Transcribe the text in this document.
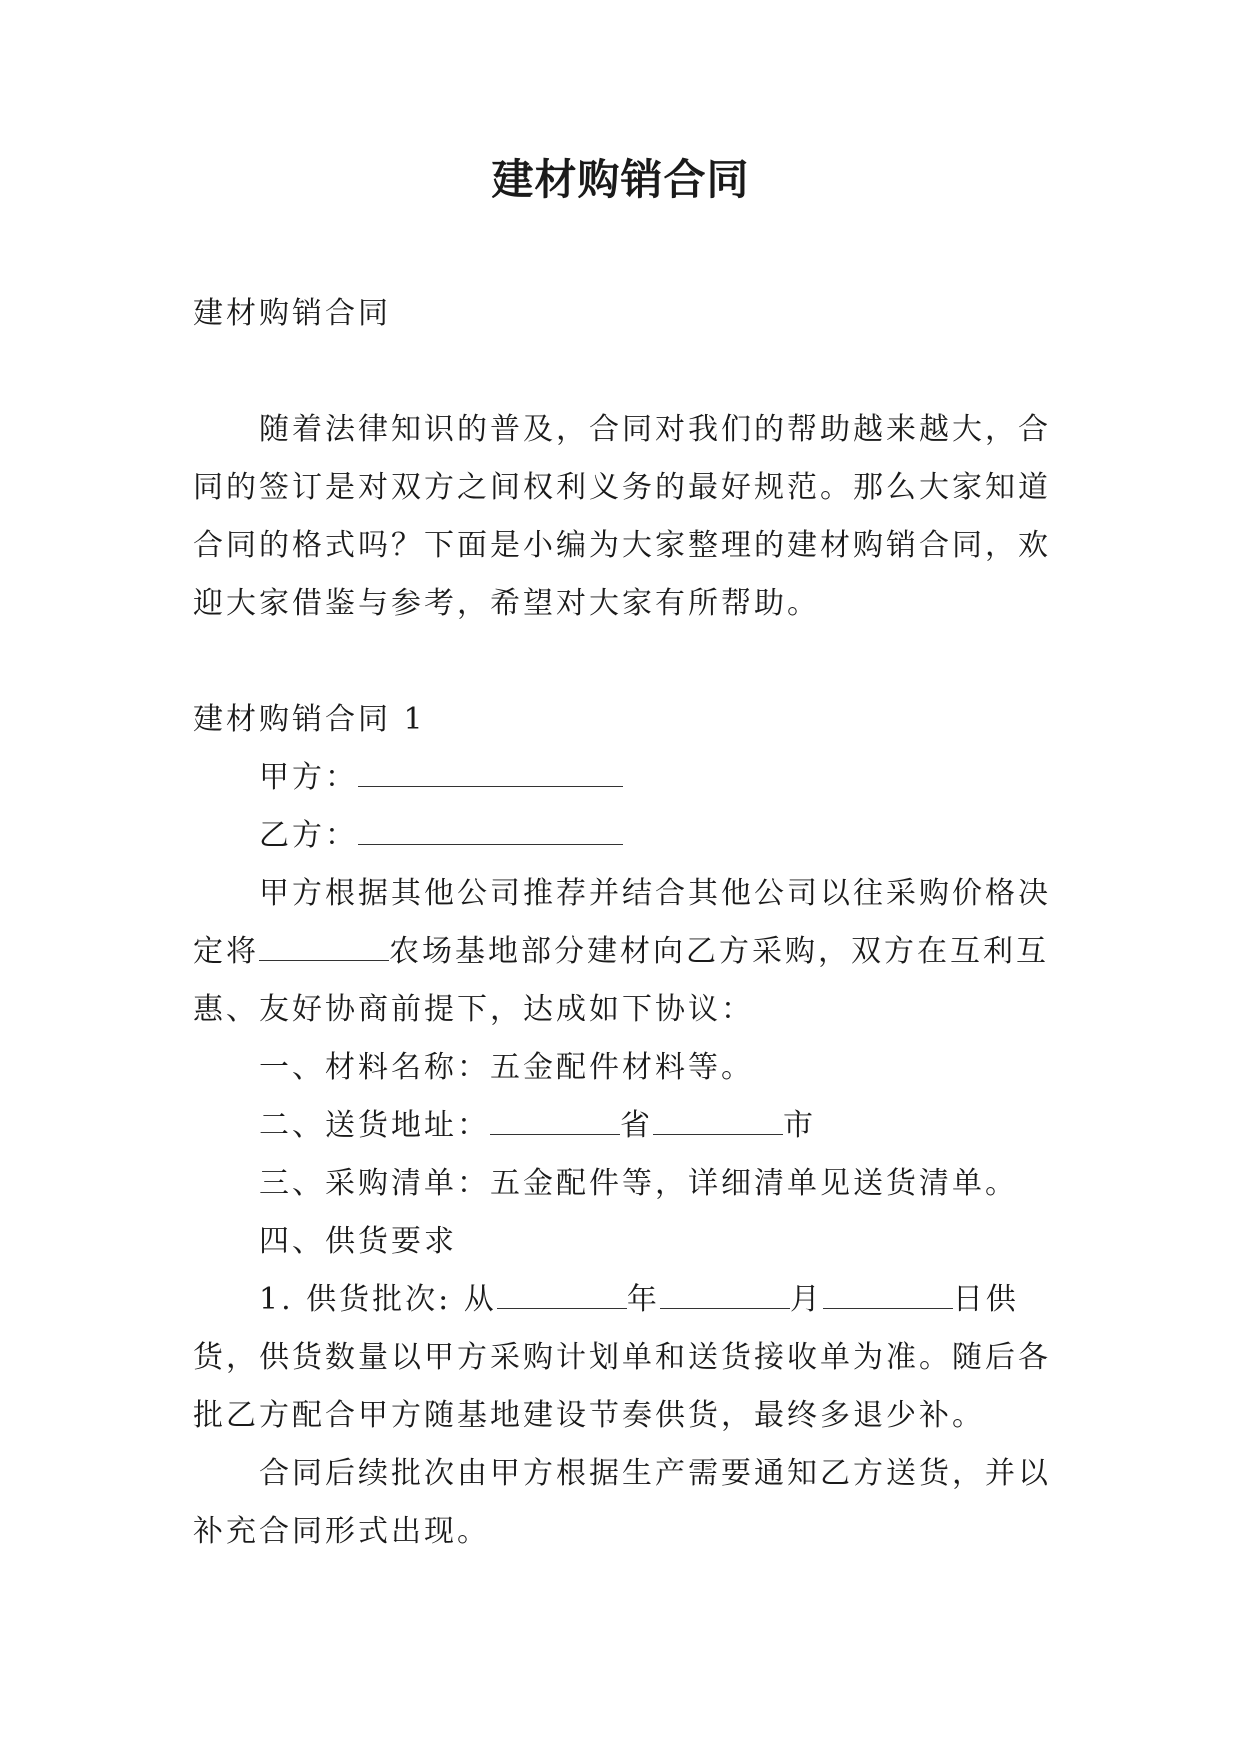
建材购销合同

建材购销合同

随着法律知识的普及，合同对我们的帮助越来越大，合同的签订是对双方之间权利义务的最好规范。那么大家知道合同的格式吗？下面是小编为大家整理的建材购销合同，欢迎大家借鉴与参考，希望对大家有所帮助。

建材购销合同 1

甲方：

乙方：

甲方根据其他公司推荐并结合其他公司以往采购价格决定将	农场基地部分建材向乙方采购，双方在互利互惠、友好协商前提下，达成如下协议：

一、材料名称：五金配件材料等。

二、送货地址：	省	市

三、采购清单：五金配件等，详细清单见送货清单。

四、供货要求

1. 供货批次: 从	年	月	日供货，供货数量以甲方采购计划单和送货接收单为准。随后各批乙方配合甲方随基地建设节奏供货，最终多退少补。

合同后续批次由甲方根据生产需要通知乙方送货，并以补充合同形式出现。
